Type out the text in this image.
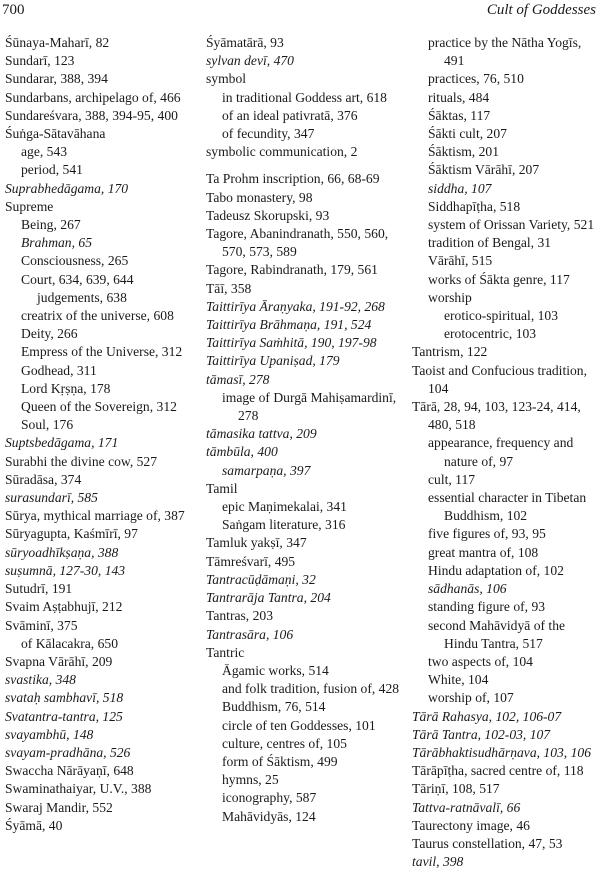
700	Cult of Goddesses
Śūnaya-Maharī, 82
Sundarī, 123
Sundarar, 388, 394
Sundarbans, archipelago of, 466
Sundareśvara, 388, 394-95, 400
Śuṅga-Sātavāhana
age, 543
period, 541
Suprabhedāgama, 170
Supreme
Being, 267
Brahman, 65
Consciousness, 265
Court, 634, 639, 644
judgements, 638
creatrix of the universe, 608
Deity, 266
Empress of the Universe, 312
Godhead, 311
Lord Kṛṣṇa, 178
Queen of the Sovereign, 312
Soul, 176
Suptsbedāgama, 171
Surabhi the divine cow, 527
Sūradāsa, 374
surasundarī, 585
Sūrya, mythical marriage of, 387
Sūryagupta, Kaśmīrī, 97
sūryoadhīkṣaṇa, 388
suṣumnā, 127-30, 143
Sutudrī, 191
Svaim Aṣṭabhujī, 212
Svāminī, 375
of Kālacakra, 650
Svapna Vārāhī, 209
svastika, 348
svataḥ sambhavī, 518
Svatantra-tantra, 125
svayambhū, 148
svayam-pradhāna, 526
Swaccha Nārāyaṇī, 648
Swaminathaiyar, U.V., 388
Swaraj Mandir, 552
Śyāmā, 40
Śyāmatārā, 93
sylvan devī, 470
symbol
in traditional Goddess art, 618
of an ideal pativratā, 376
of fecundity, 347
symbolic communication, 2
Ta Prohm inscription, 66, 68-69
Tabo monastery, 98
Tadeusz Skorupski, 93
Tagore, Abanindranath, 550, 560, 570, 573, 589
Tagore, Rabindranath, 179, 561
Tāī, 358
Taittirīya Āraṇyaka, 191-92, 268
Taittirīya Brāhmaṇa, 191, 524
Taittirīya Saṁhitā, 190, 197-98
Taittirīya Upaniṣad, 179
tāmasī, 278
image of Durgā Mahiṣamardinī, 278
tāmasika tattva, 209
tāmbūla, 400
samarpaṇa, 397
Tamil
epic Maṇimekalai, 341
Saṅgam literature, 316
Tamluk yakṣī, 347
Tāmreśvarī, 495
Tantracūḍāmaṇi, 32
Tantrarāja Tantra, 204
Tantras, 203
Tantrasāra, 106
Tantric
Āgamic works, 514
and folk tradition, fusion of, 428
Buddhism, 76, 514
circle of ten Goddesses, 101
culture, centres of, 105
form of Śāktism, 499
hymns, 25
iconography, 587
Mahāvidyās, 124
practice by the Nātha Yogīs, 491
practices, 76, 510
rituals, 484
Śāktas, 117
Śākti cult, 207
Śāktism, 201
Śāktism Vārāhī, 207
siddha, 107
Siddhapīṭha, 518
system of Orissan Variety, 521
tradition of Bengal, 31
Vārāhī, 515
works of Śākta genre, 117
worship
erotico-spiritual, 103
erotocentric, 103
Tantrism, 122
Taoist and Confucious tradition, 104
Tārā, 28, 94, 103, 123-24, 414, 480, 518
appearance, frequency and nature of, 97
cult, 117
essential character in Tibetan Buddhism, 102
five figures of, 93, 95
great mantra of, 108
Hindu adaptation of, 102
sādhanās, 106
standing figure of, 93
second Mahāvidyā of the Hindu Tantra, 517
two aspects of, 104
White, 104
worship of, 107
Tārā Rahasya, 102, 106-07
Tārā Tantra, 102-03, 107
Tārābhaktisudhārṇava, 103, 106
Tārāpīṭha, sacred centre of, 118
Tāriṇī, 108, 517
Tattva-ratnāvalī, 66
Taurectony image, 46
Taurus constellation, 47, 53
tavil, 398
